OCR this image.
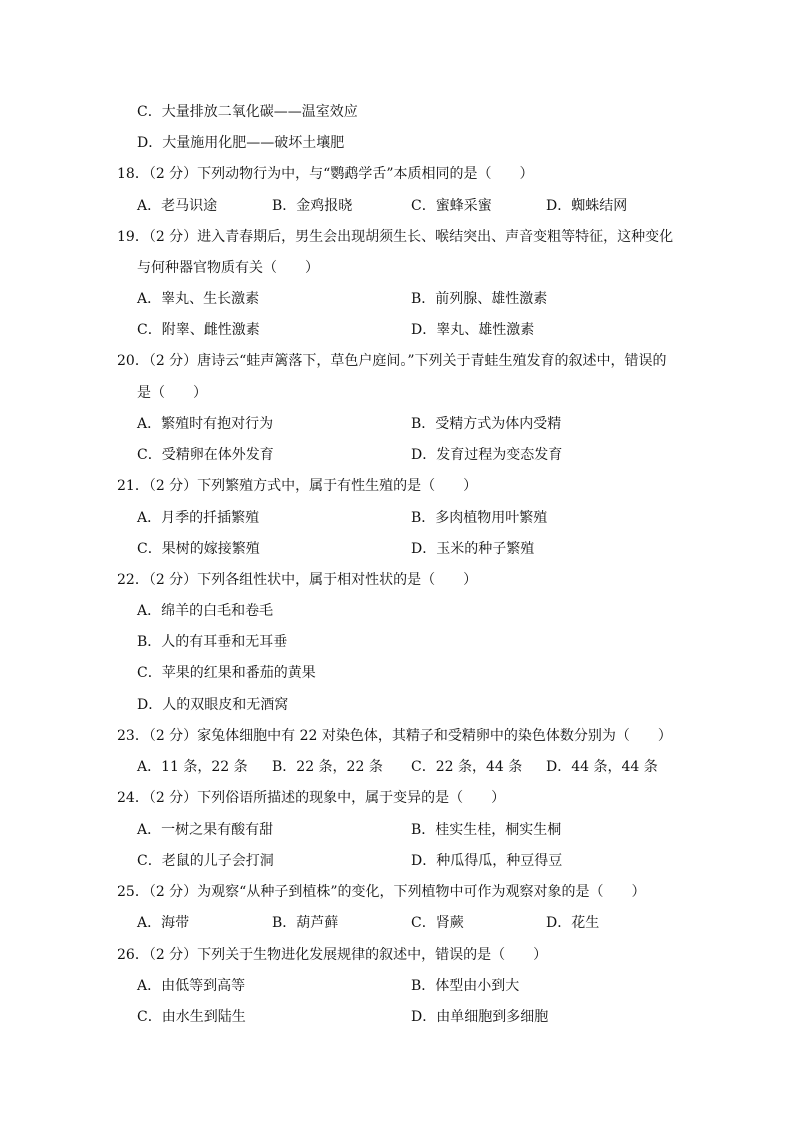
C．大量排放二氧化碳——温室效应
D．大量施用化肥——破坏土壤肥
18．（2 分）下列动物行为中，与“鹦鹉学舌”本质相同的是（　　）
A．老马识途	B．金鸡报晓	C．蜜蜂采蜜	D．蜘蛛结网
19．（2 分）进入青春期后，男生会出现胡须生长、喉结突出、声音变粗等特征，这种变化
与何种器官物质有关（　　）
A．睾丸、生长激素	B．前列腺、雄性激素
C．附睾、雌性激素	D．睾丸、雄性激素
20．（2 分）唐诗云“蛙声篱落下，草色户庭间。”下列关于青蛙生殖发育的叙述中，错误的
是（　　）
A．繁殖时有抱对行为	B．受精方式为体内受精
C．受精卵在体外发育	D．发育过程为变态发育
21．（2 分）下列繁殖方式中，属于有性生殖的是（　　）
A．月季的扦插繁殖	B．多肉植物用叶繁殖
C．果树的嫁接繁殖	D．玉米的种子繁殖
22．（2 分）下列各组性状中，属于相对性状的是（　　）
A．绵羊的白毛和卷毛
B．人的有耳垂和无耳垂
C．苹果的红果和番茄的黄果
D．人的双眼皮和无酒窝
23．（2 分）家兔体细胞中有 22 对染色体，其精子和受精卵中的染色体数分别为（　　）
A．11 条，22 条 B．22 条，22 条 C．22 条，44 条 D．44 条，44 条
24．（2 分）下列俗语所描述的现象中，属于变异的是（　　）
A．一树之果有酸有甜	B．桂实生桂，桐实生桐
C．老鼠的儿子会打洞	D．种瓜得瓜，种豆得豆
25．（2 分）为观察“从种子到植株”的变化，下列植物中可作为观察对象的是（　　）
A．海带	B．葫芦藓	C．肾蕨	D．花生
26．（2 分）下列关于生物进化发展规律的叙述中，错误的是（　　）
A．由低等到高等	B．体型由小到大
C．由水生到陆生	D．由单细胞到多细胞
